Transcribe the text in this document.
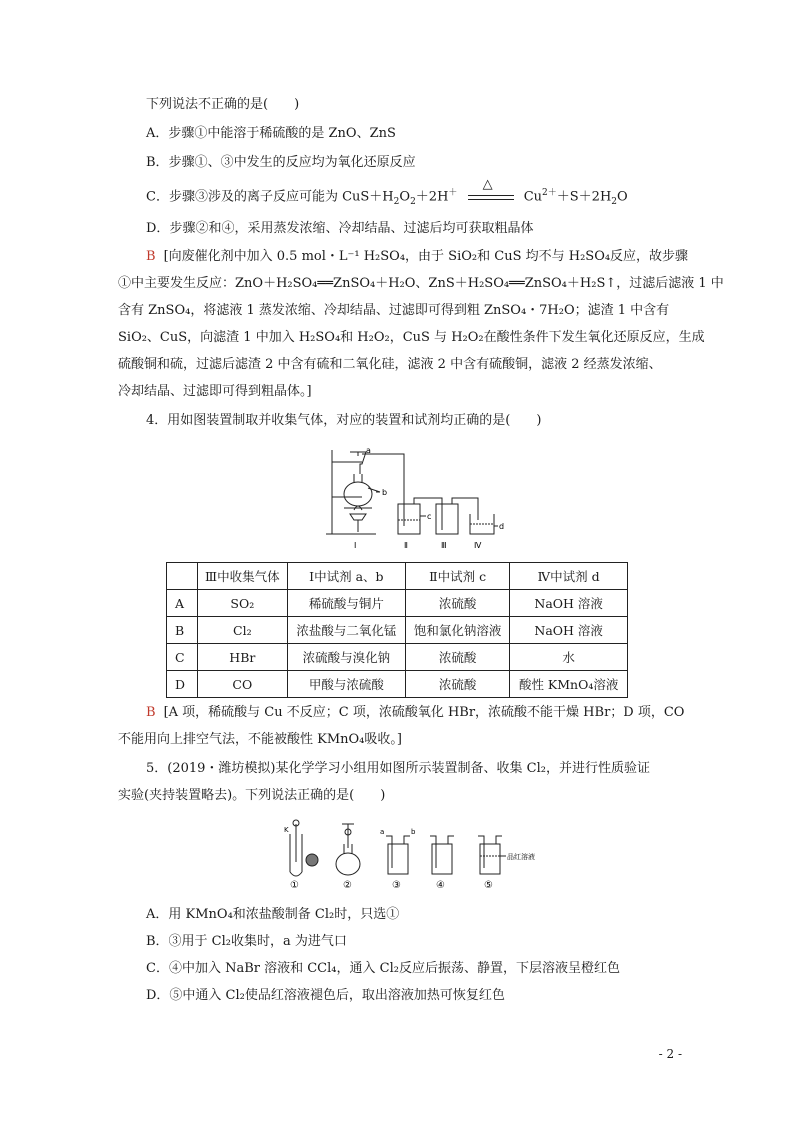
下列说法不正确的是(　　)
A．步骤①中能溶于稀硫酸的是 ZnO、ZnS
B．步骤①、③中发生的反应均为氧化还原反应
C．步骤③涉及的离子反应可能为 $CuS+H_2O_2+2H^+$
△
$Cu^{2+}+S+2H_2O$
D．步骤②和④，采用蒸发浓缩、冷却结晶、过滤后均可获取粗晶体
B [向废催化剂中加入 0.5 mol・L⁻¹ H₂SO₄，由于 SiO₂和 CuS 均不与 H₂SO₄反应，故步骤
①中主要发生反应：ZnO＋H₂SO₄══ZnSO₄＋H₂O、ZnS＋H₂SO₄══ZnSO₄＋H₂S↑，过滤后滤液 1 中
含有 ZnSO₄，将滤液 1 蒸发浓缩、冷却结晶、过滤即可得到粗 ZnSO₄・7H₂O；滤渣 1 中含有
SiO₂、CuS，向滤渣 1 中加入 H₂SO₄和 H₂O₂，CuS 与 H₂O₂在酸性条件下发生氧化还原反应，生成
硫酸铜和硫，过滤后滤渣 2 中含有硫和二氧化硅，滤液 2 中含有硫酸铜，滤液 2 经蒸发浓缩、
冷却结晶、过滤即可得到粗晶体。]
4．用如图装置制取并收集气体，对应的装置和试剂均正确的是(　　)
a
b
c
d
Ⅰ	Ⅱ	Ⅲ	Ⅳ
	Ⅲ中收集气体	Ⅰ中试剂 a、b	Ⅱ中试剂 c	Ⅳ中试剂 d
A	SO₂	稀硫酸与铜片	浓硫酸	NaOH 溶液
B	Cl₂	浓盐酸与二氧化锰	饱和氯化钠溶液	NaOH 溶液
C	HBr	浓硫酸与溴化钠	浓硫酸	水
D	CO	甲酸与浓硫酸	浓硫酸	酸性 KMnO₄溶液
B [A 项，稀硫酸与 Cu 不反应；C 项，浓硫酸氧化 HBr，浓硫酸不能干燥 HBr；D 项，CO
不能用向上排空气法，不能被酸性 KMnO₄吸收。]
5．(2019・潍坊模拟)某化学学习小组用如图所示装置制备、收集 Cl₂，并进行性质验证
实验(夹持装置略去)。下列说法正确的是(　　)
K	a	b
品红溶液
①	②	③	④	⑤
A．用 KMnO₄和浓盐酸制备 Cl₂时，只选①
B．③用于 Cl₂收集时，a 为进气口
C．④中加入 NaBr 溶液和 CCl₄，通入 Cl₂反应后振荡、静置，下层溶液呈橙红色
D．⑤中通入 Cl₂使品红溶液褪色后，取出溶液加热可恢复红色
- 2 -
